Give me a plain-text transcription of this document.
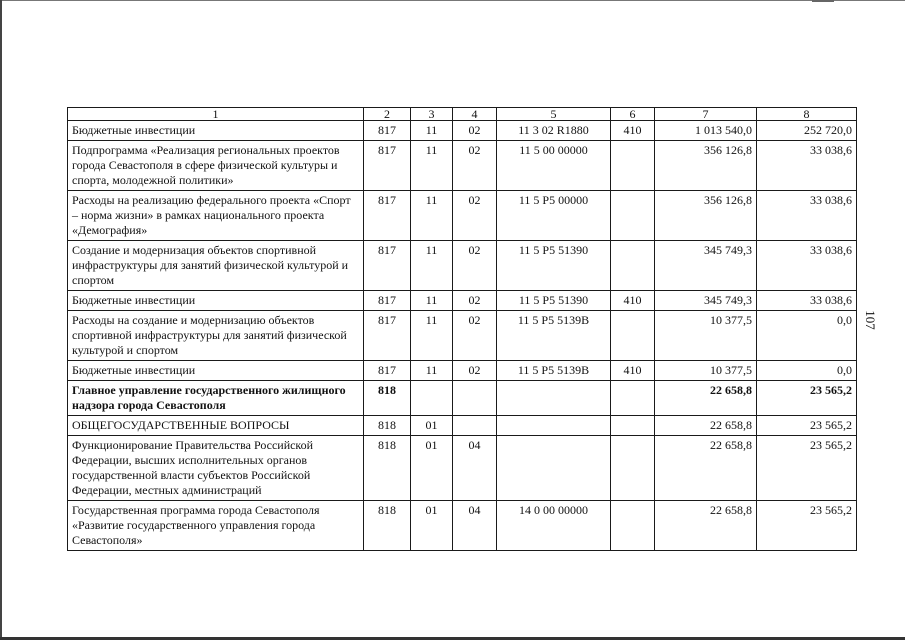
1	2	3	4	5	6	7	8
Бюджетные инвестиции	817	11	02	11 3 02 R1880	410	1 013 540,0	252 720,0
Подпрограмма «Реализация региональных проектов города Севастополя в сфере физической культуры и спорта, молодежной политики»	817	11	02	11 5 00 00000		356 126,8	33 038,6
Расходы на реализацию федерального проекта «Спорт – норма жизни» в рамках национального проекта «Демография»	817	11	02	11 5 P5 00000		356 126,8	33 038,6
Создание и модернизация объектов спортивной инфраструктуры для занятий физической культурой и спортом	817	11	02	11 5 P5 51390		345 749,3	33 038,6
Бюджетные инвестиции	817	11	02	11 5 P5 51390	410	345 749,3	33 038,6
Расходы на создание и модернизацию объектов спортивной инфраструктуры для занятий физической культурой и спортом	817	11	02	11 5 P5 5139B		10 377,5	0,0
Бюджетные инвестиции	817	11	02	11 5 P5 5139B	410	10 377,5	0,0
Главное управление государственного жилищного надзора города Севастополя	818					22 658,8	23 565,2
ОБЩЕГОСУДАРСТВЕННЫЕ ВОПРОСЫ	818	01				22 658,8	23 565,2
Функционирование Правительства Российской Федерации, высших исполнительных органов государственной власти субъектов Российской Федерации, местных администраций	818	01	04			22 658,8	23 565,2
Государственная программа города Севастополя «Развитие государственного управления города Севастополя»	818	01	04	14 0 00 00000		22 658,8	23 565,2
107
